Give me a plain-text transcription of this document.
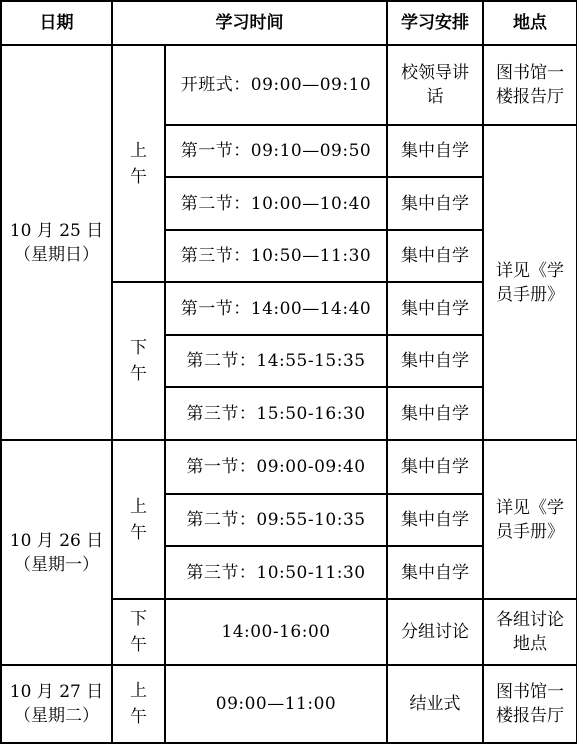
日期	学习时间		学习安排	地点

10 月 25 日
（星期日）	上午	开班式：09:00—09:10	校领导讲话	图书馆一楼报告厅

		第一节：09:10—09:50	集中自学	详见《学员手册》

		第二节：10:00—10:40	集中自学	
		第三节：10:50—11:30	集中自学	

	下午	第一节：14:00—14:40	集中自学	
		第二节：14:55-15:35	集中自学	
		第三节：15:50-16:30	集中自学	

10 月 26 日
（星期一）	上午	第一节：09:00-09:40	集中自学	详见《学员手册》

		第二节：09:55-10:35	集中自学	
		第三节：10:50-11:30	集中自学	

	下午	14:00-16:00	分组讨论	各组讨论地点

10 月 27 日
（星期二）	上午	09:00—11:00	结业式	图书馆一楼报告厅
